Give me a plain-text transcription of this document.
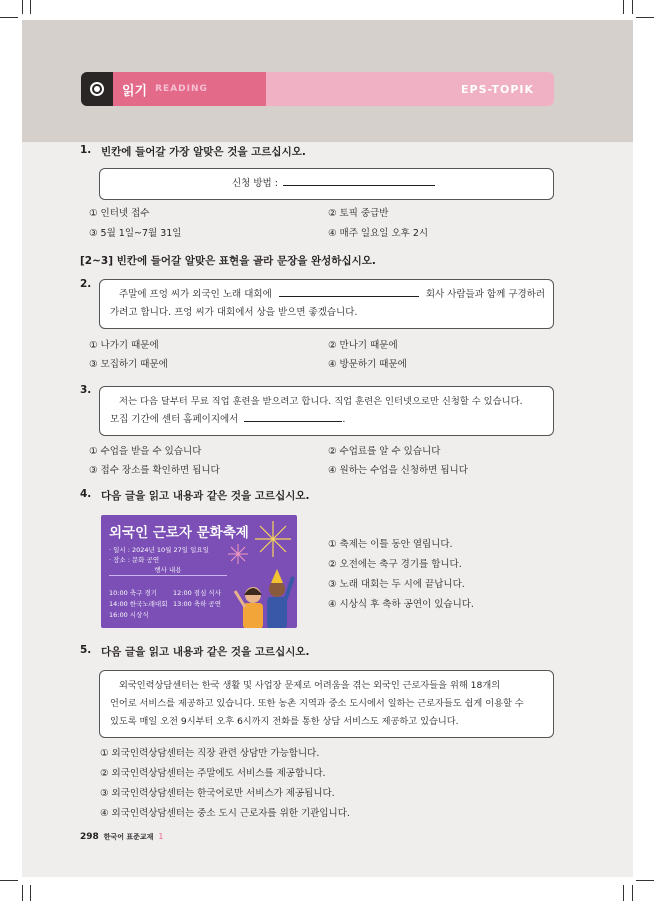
읽기 READING	EPS-TOPIK
1. 빈칸에 들어갈 가장 알맞은 것을 고르십시오.
신청 방법 :
① 인터넷 접수	② 토픽 중급반
③ 5월 1일~7월 31일	④ 매주 일요일 오후 2시
[2~3] 빈칸에 들어갈 알맞은 표현을 골라 문장을 완성하십시오.
2.
주말에 프엉 씨가 외국인 노래 대회에	회사 사람들과 함께 구경하러
가려고 합니다. 프엉 씨가 대회에서 상을 받으면 좋겠습니다.
① 나가기 때문에	② 만나기 때문에
③ 모집하기 때문에	④ 방문하기 때문에
3.
저는 다음 달부터 무료 직업 훈련을 받으려고 합니다. 직업 훈련은 인터넷으로만 신청할 수 있습니다.
모집 기간에 센터 홈페이지에서	.
① 수업을 받을 수 있습니다	② 수업료를 알 수 있습니다
③ 접수 장소를 확인하면 됩니다	④ 원하는 수업을 신청하면 됩니다
4. 다음 글을 읽고 내용과 같은 것을 고르십시오.
외국인 근로자 문화축제
· 일시 : 2024년 10월 27일 일요일
· 장소 : 문화 공연
행사 내용
10:00 축구 경기 12:00 점심 식사
14:00 한국노래대회 13:00 축하 공연
16:00 시상식
① 축제는 이틀 동안 열립니다.
② 오전에는 축구 경기를 합니다.
③ 노래 대회는 두 시에 끝납니다.
④ 시상식 후 축하 공연이 있습니다.
5. 다음 글을 읽고 내용과 같은 것을 고르십시오.
외국인력상담센터는 한국 생활 및 사업장 문제로 어려움을 겪는 외국인 근로자들을 위해 18개의
언어로 서비스를 제공하고 있습니다. 또한 농촌 지역과 중소 도시에서 일하는 근로자들도 쉽게 이용할 수
있도록 매일 오전 9시부터 오후 6시까지 전화를 통한 상담 서비스도 제공하고 있습니다.
① 외국인력상담센터는 직장 관련 상담만 가능합니다.
② 외국인력상담센터는 주말에도 서비스를 제공합니다.
③ 외국인력상담센터는 한국어로만 서비스가 제공됩니다.
④ 외국인력상담센터는 중소 도시 근로자를 위한 기관입니다.
298 한국어 표준교재 1
